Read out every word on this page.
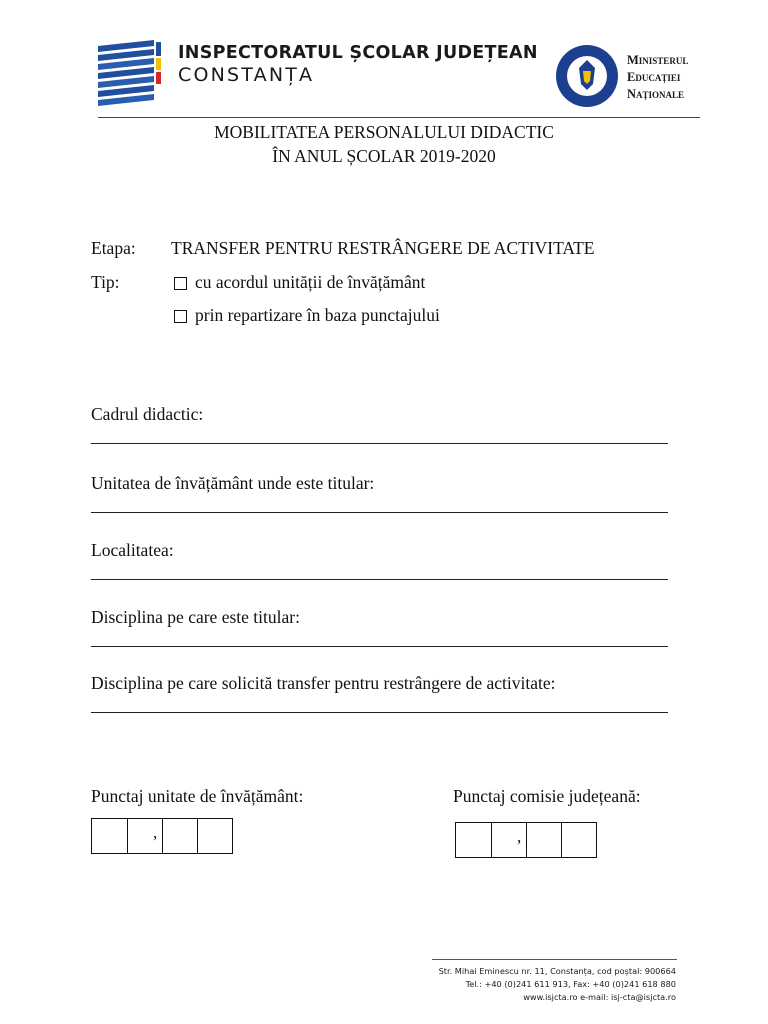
INSPECTORATUL ȘCOLAR JUDEȚEAN
CONSTANȚA
Ministerul
Educației
Naționale
MOBILITATEA PERSONALULUI DIDACTIC
ÎN ANUL ȘCOLAR 2019-2020
Etapa: TRANSFER PENTRU RESTRÂNGERE DE ACTIVITATE
Tip:	cu acordul unității de învățământ
prin repartizare în baza punctajului
Cadrul didactic:
Unitatea de învățământ unde este titular:
Localitatea:
Disciplina pe care este titular:
Disciplina pe care solicită transfer pentru restrângere de activitate:
Punctaj unitate de învățământ:
,
Punctaj comisie județeană:
,
Str. Mihai Eminescu nr. 11, Constanța, cod poștal: 900664
Tel.: +40 (0)241 611 913, Fax: +40 (0)241 618 880
www.isjcta.ro e-mail: isj-cta@isjcta.ro
